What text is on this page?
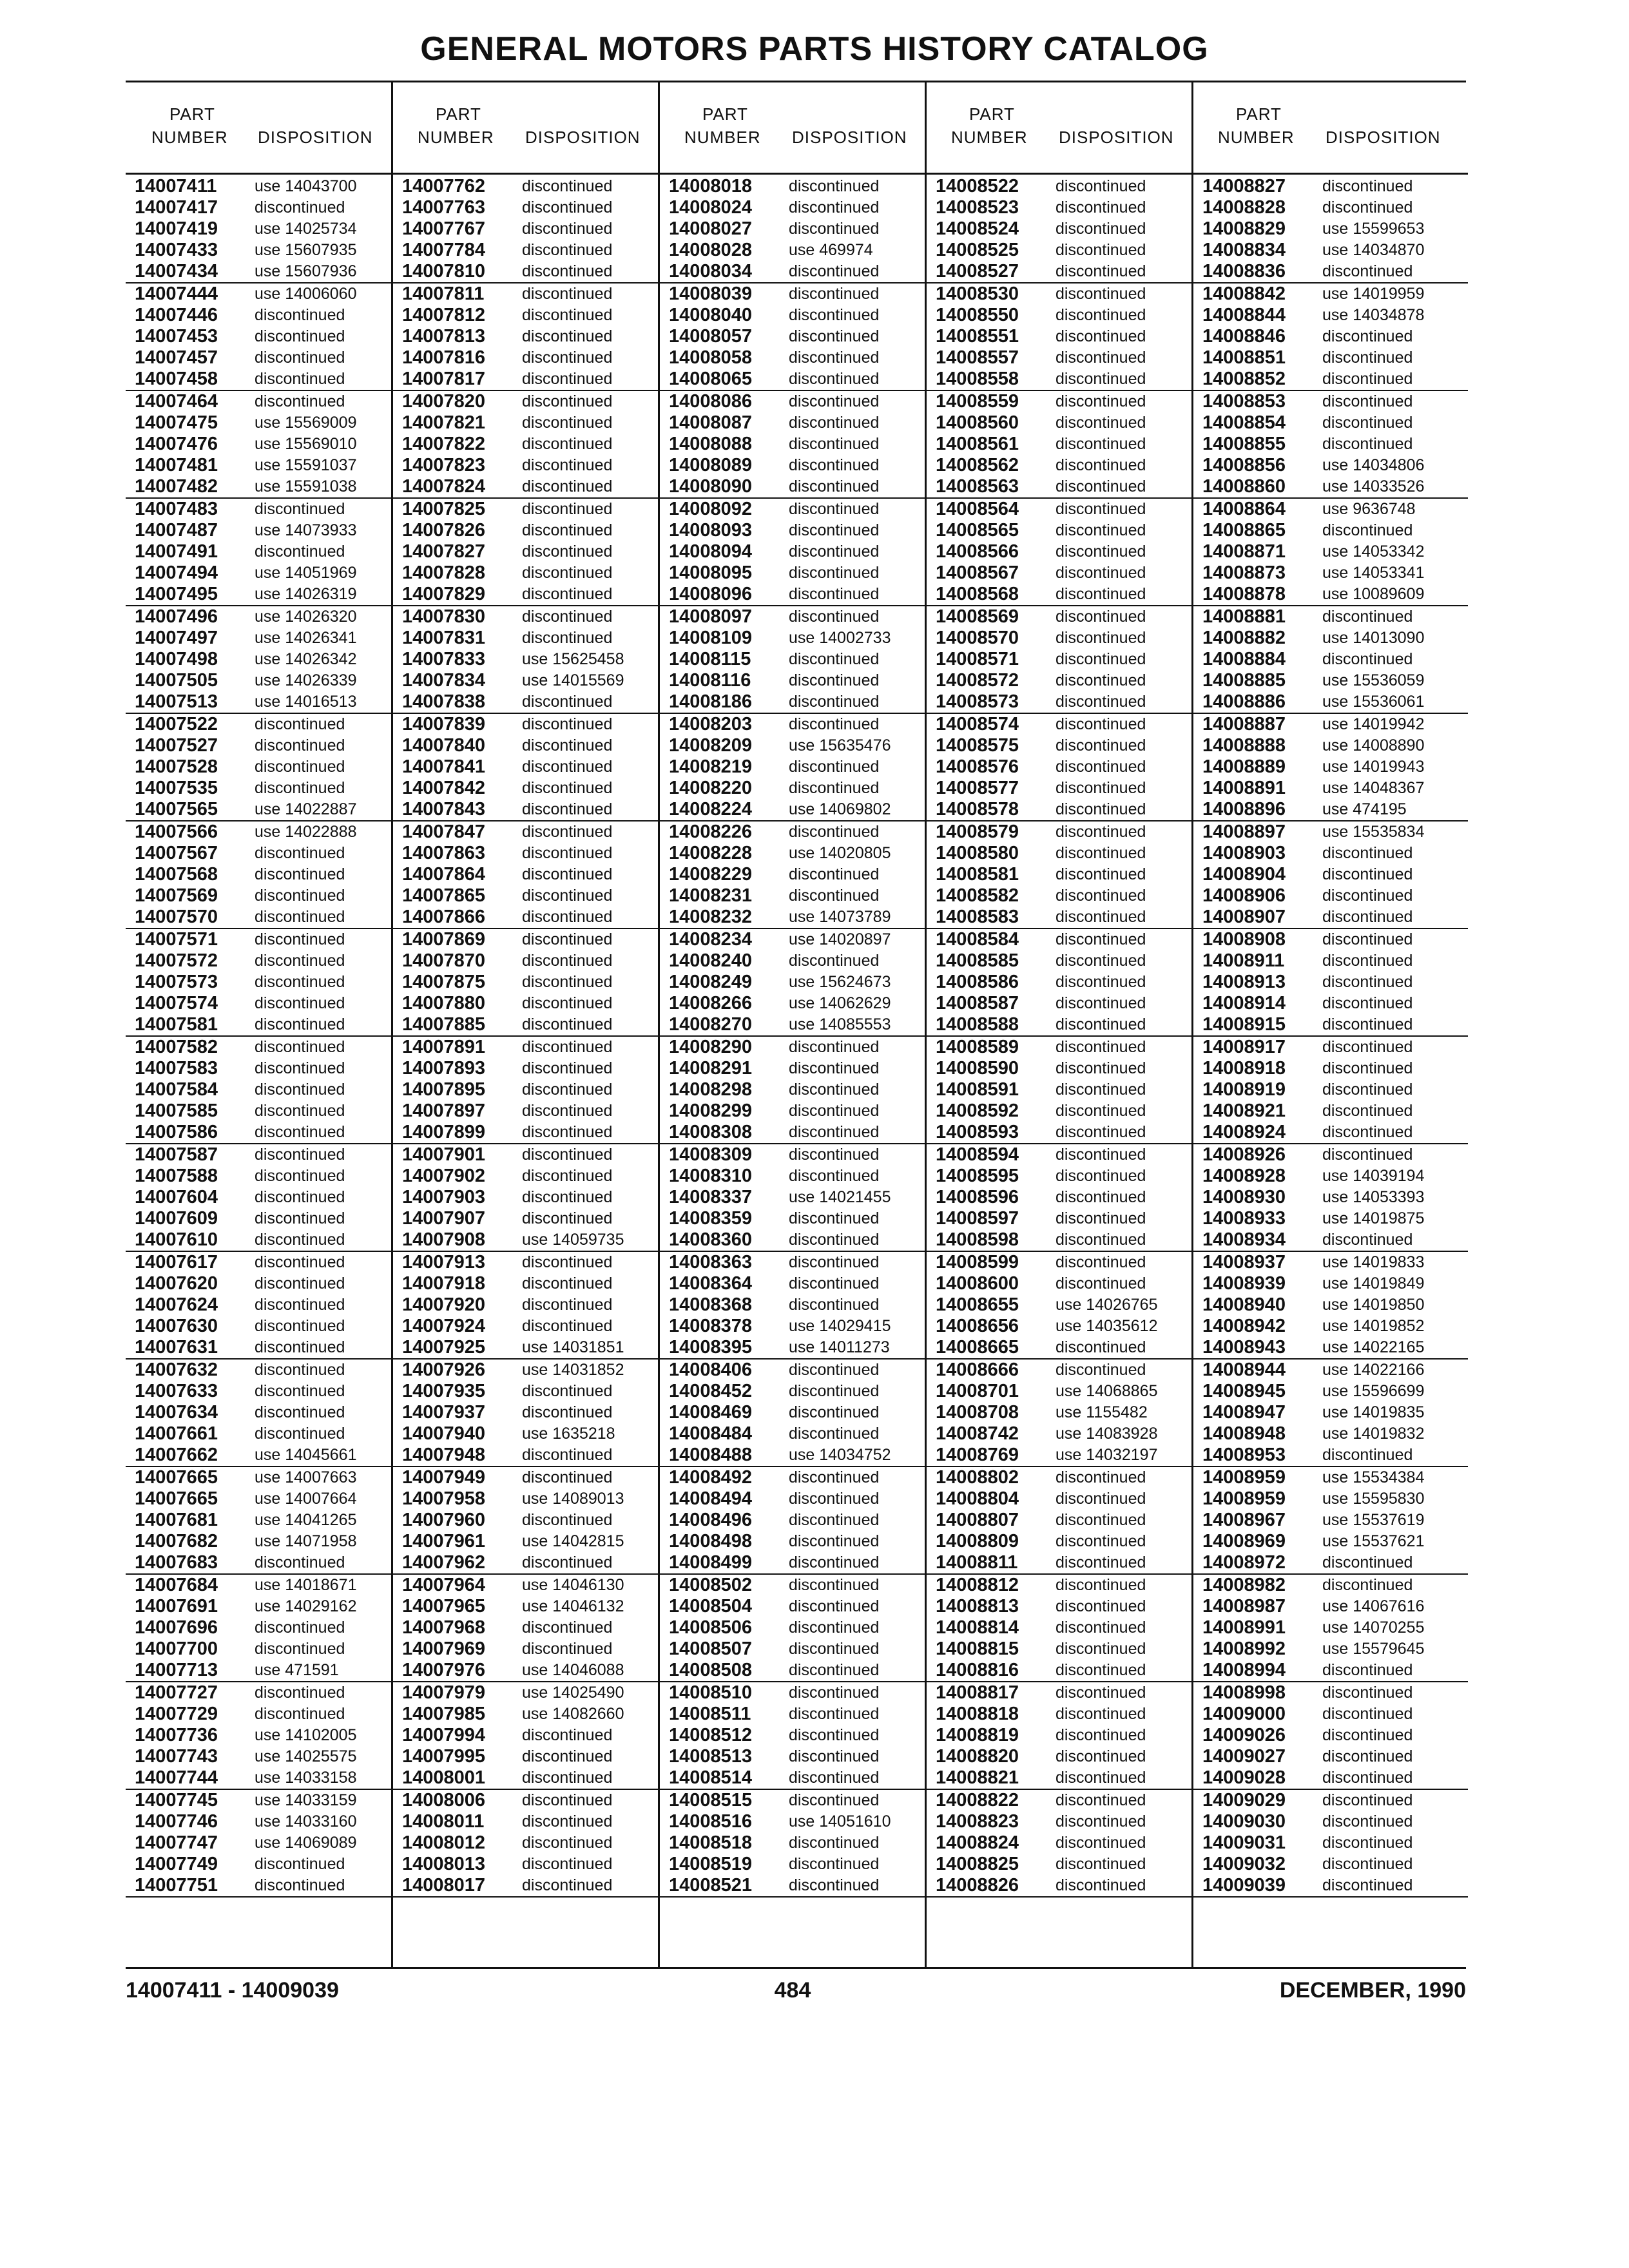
GENERAL MOTORS PARTS HISTORY CATALOG
PART
NUMBER DISPOSITION
14007411 use 14043700
14007417 discontinued
14007419 use 14025734
14007433 use 15607935
14007434 use 15607936
14007444 use 14006060
14007446 discontinued
14007453 discontinued
14007457 discontinued
14007458 discontinued
14007464 discontinued
14007475 use 15569009
14007476 use 15569010
14007481 use 15591037
14007482 use 15591038
14007483 discontinued
14007487 use 14073933
14007491 discontinued
14007494 use 14051969
14007495 use 14026319
14007496 use 14026320
14007497 use 14026341
14007498 use 14026342
14007505 use 14026339
14007513 use 14016513
14007522 discontinued
14007527 discontinued
14007528 discontinued
14007535 discontinued
14007565 use 14022887
14007566 use 14022888
14007567 discontinued
14007568 discontinued
14007569 discontinued
14007570 discontinued
14007571 discontinued
14007572 discontinued
14007573 discontinued
14007574 discontinued
14007581 discontinued
14007582 discontinued
14007583 discontinued
14007584 discontinued
14007585 discontinued
14007586 discontinued
14007587 discontinued
14007588 discontinued
14007604 discontinued
14007609 discontinued
14007610 discontinued
14007617 discontinued
14007620 discontinued
14007624 discontinued
14007630 discontinued
14007631 discontinued
14007632 discontinued
14007633 discontinued
14007634 discontinued
14007661 discontinued
14007662 use 14045661
14007665 use 14007663
14007665 use 14007664
14007681 use 14041265
14007682 use 14071958
14007683 discontinued
14007684 use 14018671
14007691 use 14029162
14007696 discontinued
14007700 discontinued
14007713 use 471591
14007727 discontinued
14007729 discontinued
14007736 use 14102005
14007743 use 14025575
14007744 use 14033158
14007745 use 14033159
14007746 use 14033160
14007747 use 14069089
14007749 discontinued
14007751 discontinued
PART
NUMBER DISPOSITION
14007762 discontinued
14007763 discontinued
14007767 discontinued
14007784 discontinued
14007810 discontinued
14007811 discontinued
14007812 discontinued
14007813 discontinued
14007816 discontinued
14007817 discontinued
14007820 discontinued
14007821 discontinued
14007822 discontinued
14007823 discontinued
14007824 discontinued
14007825 discontinued
14007826 discontinued
14007827 discontinued
14007828 discontinued
14007829 discontinued
14007830 discontinued
14007831 discontinued
14007833 use 15625458
14007834 use 14015569
14007838 discontinued
14007839 discontinued
14007840 discontinued
14007841 discontinued
14007842 discontinued
14007843 discontinued
14007847 discontinued
14007863 discontinued
14007864 discontinued
14007865 discontinued
14007866 discontinued
14007869 discontinued
14007870 discontinued
14007875 discontinued
14007880 discontinued
14007885 discontinued
14007891 discontinued
14007893 discontinued
14007895 discontinued
14007897 discontinued
14007899 discontinued
14007901 discontinued
14007902 discontinued
14007903 discontinued
14007907 discontinued
14007908 use 14059735
14007913 discontinued
14007918 discontinued
14007920 discontinued
14007924 discontinued
14007925 use 14031851
14007926 use 14031852
14007935 discontinued
14007937 discontinued
14007940 use 1635218
14007948 discontinued
14007949 discontinued
14007958 use 14089013
14007960 discontinued
14007961 use 14042815
14007962 discontinued
14007964 use 14046130
14007965 use 14046132
14007968 discontinued
14007969 discontinued
14007976 use 14046088
14007979 use 14025490
14007985 use 14082660
14007994 discontinued
14007995 discontinued
14008001 discontinued
14008006 discontinued
14008011 discontinued
14008012 discontinued
14008013 discontinued
14008017 discontinued
PART
NUMBER DISPOSITION
14008018 discontinued
14008024 discontinued
14008027 discontinued
14008028 use 469974
14008034 discontinued
14008039 discontinued
14008040 discontinued
14008057 discontinued
14008058 discontinued
14008065 discontinued
14008086 discontinued
14008087 discontinued
14008088 discontinued
14008089 discontinued
14008090 discontinued
14008092 discontinued
14008093 discontinued
14008094 discontinued
14008095 discontinued
14008096 discontinued
14008097 discontinued
14008109 use 14002733
14008115 discontinued
14008116 discontinued
14008186 discontinued
14008203 discontinued
14008209 use 15635476
14008219 discontinued
14008220 discontinued
14008224 use 14069802
14008226 discontinued
14008228 use 14020805
14008229 discontinued
14008231 discontinued
14008232 use 14073789
14008234 use 14020897
14008240 discontinued
14008249 use 15624673
14008266 use 14062629
14008270 use 14085553
14008290 discontinued
14008291 discontinued
14008298 discontinued
14008299 discontinued
14008308 discontinued
14008309 discontinued
14008310 discontinued
14008337 use 14021455
14008359 discontinued
14008360 discontinued
14008363 discontinued
14008364 discontinued
14008368 discontinued
14008378 use 14029415
14008395 use 14011273
14008406 discontinued
14008452 discontinued
14008469 discontinued
14008484 discontinued
14008488 use 14034752
14008492 discontinued
14008494 discontinued
14008496 discontinued
14008498 discontinued
14008499 discontinued
14008502 discontinued
14008504 discontinued
14008506 discontinued
14008507 discontinued
14008508 discontinued
14008510 discontinued
14008511 discontinued
14008512 discontinued
14008513 discontinued
14008514 discontinued
14008515 discontinued
14008516 use 14051610
14008518 discontinued
14008519 discontinued
14008521 discontinued
PART
NUMBER DISPOSITION
14008522 discontinued
14008523 discontinued
14008524 discontinued
14008525 discontinued
14008527 discontinued
14008530 discontinued
14008550 discontinued
14008551 discontinued
14008557 discontinued
14008558 discontinued
14008559 discontinued
14008560 discontinued
14008561 discontinued
14008562 discontinued
14008563 discontinued
14008564 discontinued
14008565 discontinued
14008566 discontinued
14008567 discontinued
14008568 discontinued
14008569 discontinued
14008570 discontinued
14008571 discontinued
14008572 discontinued
14008573 discontinued
14008574 discontinued
14008575 discontinued
14008576 discontinued
14008577 discontinued
14008578 discontinued
14008579 discontinued
14008580 discontinued
14008581 discontinued
14008582 discontinued
14008583 discontinued
14008584 discontinued
14008585 discontinued
14008586 discontinued
14008587 discontinued
14008588 discontinued
14008589 discontinued
14008590 discontinued
14008591 discontinued
14008592 discontinued
14008593 discontinued
14008594 discontinued
14008595 discontinued
14008596 discontinued
14008597 discontinued
14008598 discontinued
14008599 discontinued
14008600 discontinued
14008655 use 14026765
14008656 use 14035612
14008665 discontinued
14008666 discontinued
14008701 use 14068865
14008708 use 1155482
14008742 use 14083928
14008769 use 14032197
14008802 discontinued
14008804 discontinued
14008807 discontinued
14008809 discontinued
14008811 discontinued
14008812 discontinued
14008813 discontinued
14008814 discontinued
14008815 discontinued
14008816 discontinued
14008817 discontinued
14008818 discontinued
14008819 discontinued
14008820 discontinued
14008821 discontinued
14008822 discontinued
14008823 discontinued
14008824 discontinued
14008825 discontinued
14008826 discontinued
PART
NUMBER DISPOSITION
14008827 discontinued
14008828 discontinued
14008829 use 15599653
14008834 use 14034870
14008836 discontinued
14008842 use 14019959
14008844 use 14034878
14008846 discontinued
14008851 discontinued
14008852 discontinued
14008853 discontinued
14008854 discontinued
14008855 discontinued
14008856 use 14034806
14008860 use 14033526
14008864 use 9636748
14008865 discontinued
14008871 use 14053342
14008873 use 14053341
14008878 use 10089609
14008881 discontinued
14008882 use 14013090
14008884 discontinued
14008885 use 15536059
14008886 use 15536061
14008887 use 14019942
14008888 use 14008890
14008889 use 14019943
14008891 use 14048367
14008896 use 474195
14008897 use 15535834
14008903 discontinued
14008904 discontinued
14008906 discontinued
14008907 discontinued
14008908 discontinued
14008911 discontinued
14008913 discontinued
14008914 discontinued
14008915 discontinued
14008917 discontinued
14008918 discontinued
14008919 discontinued
14008921 discontinued
14008924 discontinued
14008926 discontinued
14008928 use 14039194
14008930 use 14053393
14008933 use 14019875
14008934 discontinued
14008937 use 14019833
14008939 use 14019849
14008940 use 14019850
14008942 use 14019852
14008943 use 14022165
14008944 use 14022166
14008945 use 15596699
14008947 use 14019835
14008948 use 14019832
14008953 discontinued
14008959 use 15534384
14008959 use 15595830
14008967 use 15537619
14008969 use 15537621
14008972 discontinued
14008982 discontinued
14008987 use 14067616
14008991 use 14070255
14008992 use 15579645
14008994 discontinued
14008998 discontinued
14009000 discontinued
14009026 discontinued
14009027 discontinued
14009028 discontinued
14009029 discontinued
14009030 discontinued
14009031 discontinued
14009032 discontinued
14009039 discontinued
14007411 - 14009039	484	DECEMBER, 1990
